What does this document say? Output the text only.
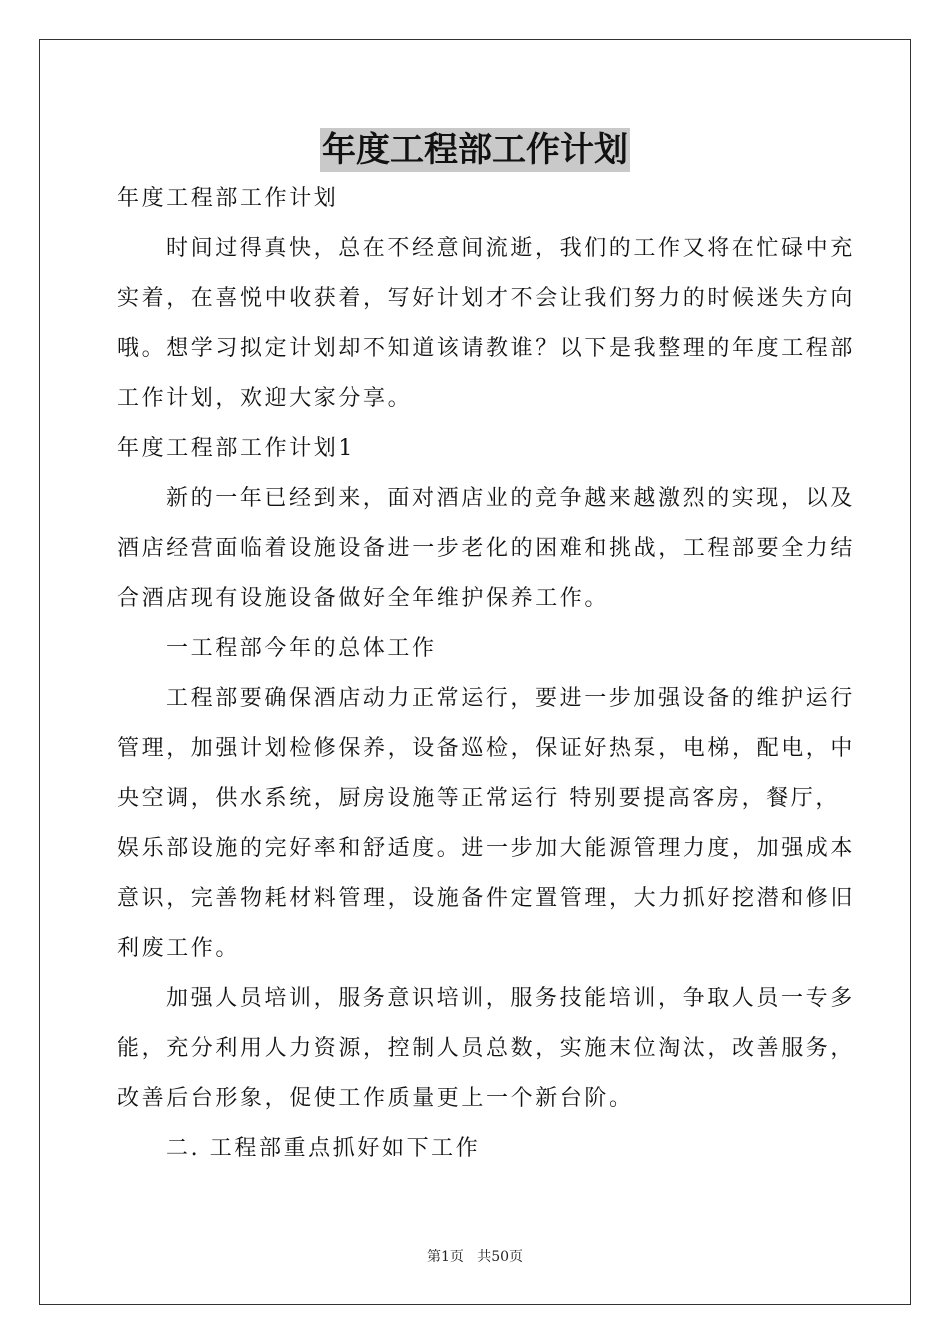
年度工程部工作计划

年度工程部工作计划

时间过得真快，总在不经意间流逝，我们的工作又将在忙碌中充

实着，在喜悦中收获着，写好计划才不会让我们努力的时候迷失方向

哦。想学习拟定计划却不知道该请教谁？以下是我整理的年度工程部

工作计划，欢迎大家分享。

年度工程部工作计划1

新的一年已经到来，面对酒店业的竞争越来越激烈的实现，以及

酒店经营面临着设施设备进一步老化的困难和挑战，工程部要全力结

合酒店现有设施设备做好全年维护保养工作。

一工程部今年的总体工作

工程部要确保酒店动力正常运行，要进一步加强设备的维护运行

管理，加强计划检修保养，设备巡检，保证好热泵，电梯，配电，中

央空调，供水系统，厨房设施等正常运行 特别要提高客房，餐厅，

娱乐部设施的完好率和舒适度。进一步加大能源管理力度，加强成本

意识，完善物耗材料管理，设施备件定置管理，大力抓好挖潜和修旧

利废工作。

加强人员培训，服务意识培训，服务技能培训，争取人员一专多

能，充分利用人力资源，控制人员总数，实施末位淘汰，改善服务，

改善后台形象，促使工作质量更上一个新台阶。

二. 工程部重点抓好如下工作

第1页   共50页
